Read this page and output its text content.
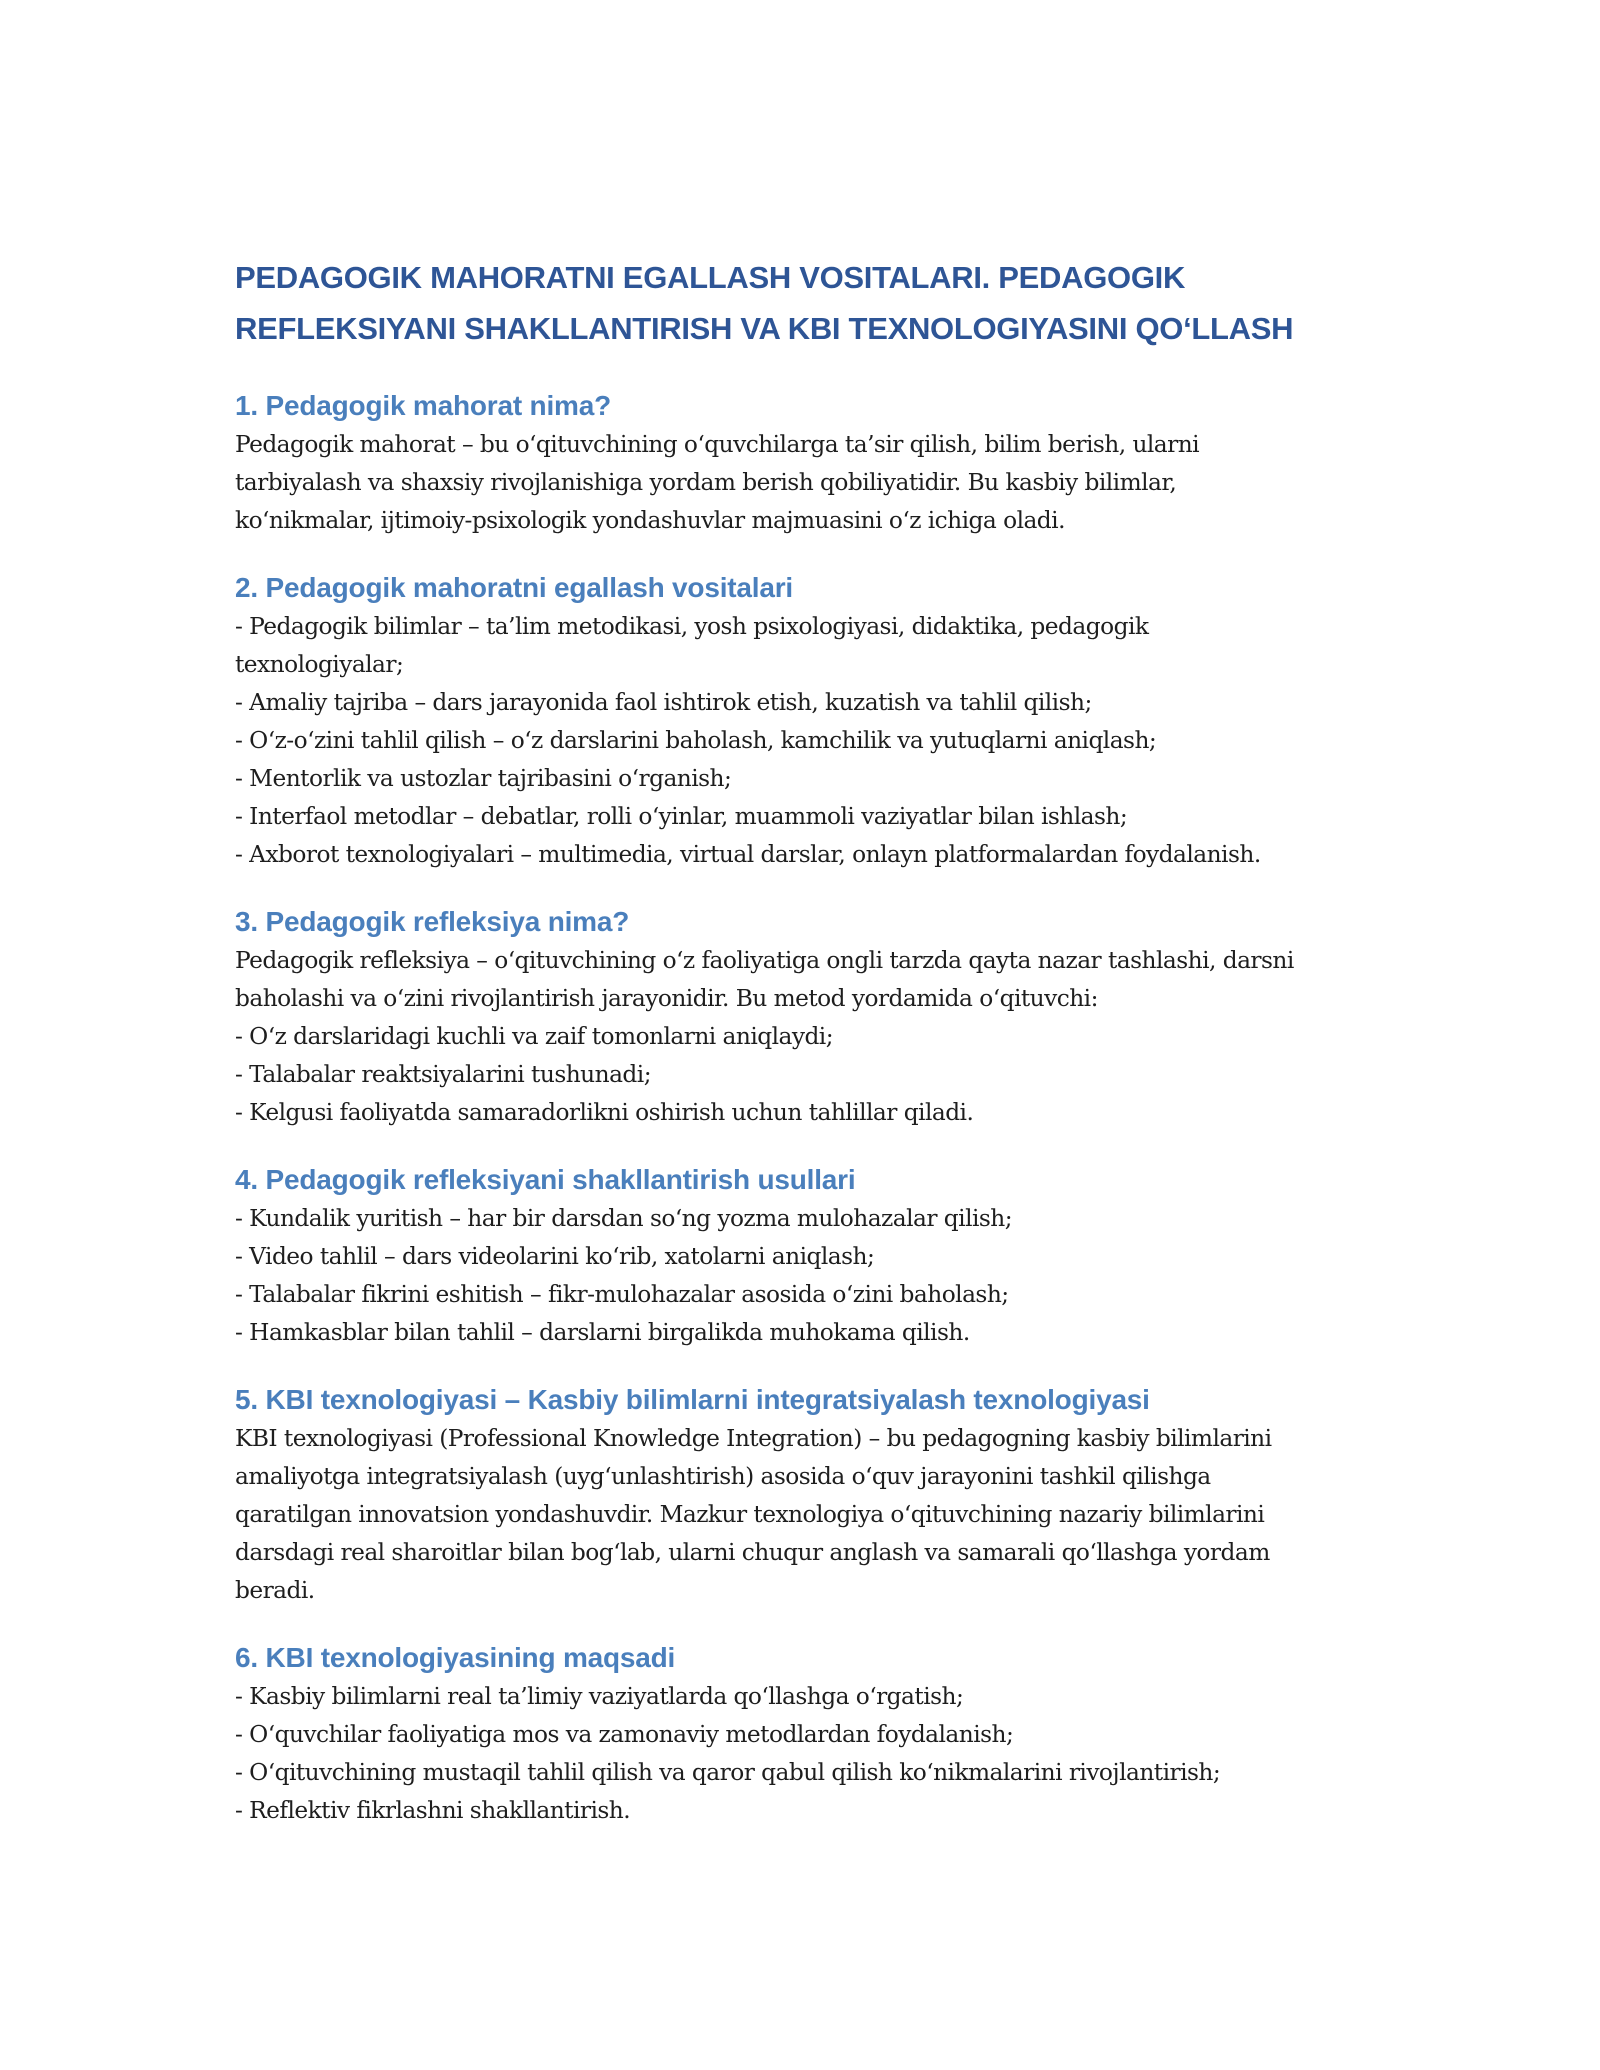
PEDAGOGIK MAHORATNI EGALLASH VOSITALARI. PEDAGOGIK
REFLEKSIYANI SHAKLLANTIRISH VA KBI TEXNOLOGIYASINI QO‘LLASH
1. Pedagogik mahorat nima?
Pedagogik mahorat – bu o‘qituvchining o‘quvchilarga ta’sir qilish, bilim berish, ularni
tarbiyalash va shaxsiy rivojlanishiga yordam berish qobiliyatidir. Bu kasbiy bilimlar,
ko‘nikmalar, ijtimoiy-psixologik yondashuvlar majmuasini o‘z ichiga oladi.
2. Pedagogik mahoratni egallash vositalari
- Pedagogik bilimlar – ta’lim metodikasi, yosh psixologiyasi, didaktika, pedagogik
texnologiyalar;
- Amaliy tajriba – dars jarayonida faol ishtirok etish, kuzatish va tahlil qilish;
- O‘z-o‘zini tahlil qilish – o‘z darslarini baholash, kamchilik va yutuqlarni aniqlash;
- Mentorlik va ustozlar tajribasini o‘rganish;
- Interfaol metodlar – debatlar, rolli o‘yinlar, muammoli vaziyatlar bilan ishlash;
- Axborot texnologiyalari – multimedia, virtual darslar, onlayn platformalardan foydalanish.
3. Pedagogik refleksiya nima?
Pedagogik refleksiya – o‘qituvchining o‘z faoliyatiga ongli tarzda qayta nazar tashlashi, darsni
baholashi va o‘zini rivojlantirish jarayonidir. Bu metod yordamida o‘qituvchi:
- O‘z darslaridagi kuchli va zaif tomonlarni aniqlaydi;
- Talabalar reaktsiyalarini tushunadi;
- Kelgusi faoliyatda samaradorlikni oshirish uchun tahlillar qiladi.
4. Pedagogik refleksiyani shakllantirish usullari
- Kundalik yuritish – har bir darsdan so‘ng yozma mulohazalar qilish;
- Video tahlil – dars videolarini ko‘rib, xatolarni aniqlash;
- Talabalar fikrini eshitish – fikr-mulohazalar asosida o‘zini baholash;
- Hamkasblar bilan tahlil – darslarni birgalikda muhokama qilish.
5. KBI texnologiyasi – Kasbiy bilimlarni integratsiyalash texnologiyasi
KBI texnologiyasi (Professional Knowledge Integration) – bu pedagogning kasbiy bilimlarini
amaliyotga integratsiyalash (uyg‘unlashtirish) asosida o‘quv jarayonini tashkil qilishga
qaratilgan innovatsion yondashuvdir. Mazkur texnologiya o‘qituvchining nazariy bilimlarini
darsdagi real sharoitlar bilan bog‘lab, ularni chuqur anglash va samarali qo‘llashga yordam
beradi.
6. KBI texnologiyasining maqsadi
- Kasbiy bilimlarni real ta’limiy vaziyatlarda qo‘llashga o‘rgatish;
- O‘quvchilar faoliyatiga mos va zamonaviy metodlardan foydalanish;
- O‘qituvchining mustaqil tahlil qilish va qaror qabul qilish ko‘nikmalarini rivojlantirish;
- Reflektiv fikrlashni shakllantirish.
